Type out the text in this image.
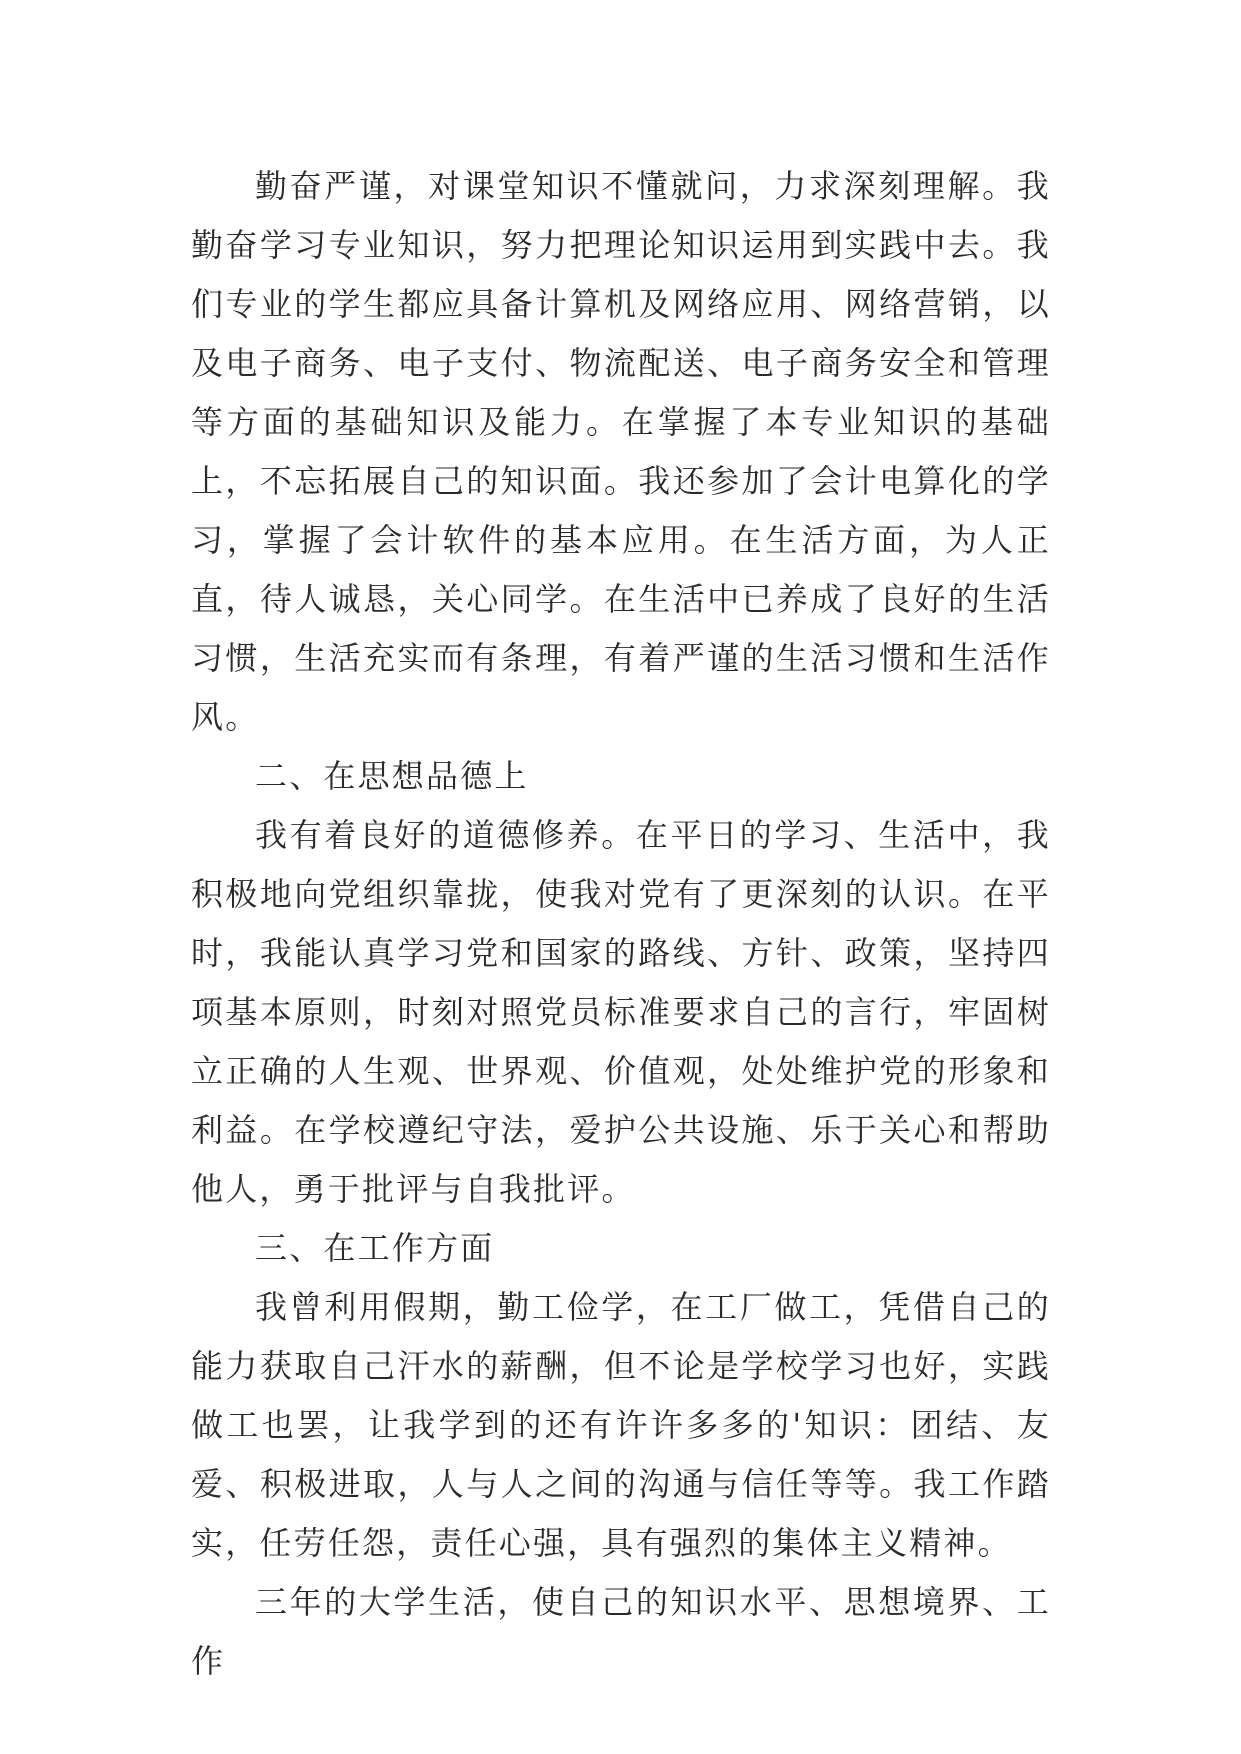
勤奋严谨，对课堂知识不懂就问，力求深刻理解。我勤奋学习专业知识，努力把理论知识运用到实践中去。我们专业的学生都应具备计算机及网络应用、网络营销，以及电子商务、电子支付、物流配送、电子商务安全和管理等方面的基础知识及能力。在掌握了本专业知识的基础上，不忘拓展自己的知识面。我还参加了会计电算化的学习，掌握了会计软件的基本应用。在生活方面，为人正直，待人诚恳，关心同学。在生活中已养成了良好的生活习惯，生活充实而有条理，有着严谨的生活习惯和生活作风。

二、在思想品德上

我有着良好的道德修养。在平日的学习、生活中，我积极地向党组织靠拢，使我对党有了更深刻的认识。在平时，我能认真学习党和国家的路线、方针、政策，坚持四项基本原则，时刻对照党员标准要求自己的言行，牢固树立正确的人生观、世界观、价值观，处处维护党的形象和利益。在学校遵纪守法，爱护公共设施、乐于关心和帮助他人，勇于批评与自我批评。

三、在工作方面

我曾利用假期，勤工俭学，在工厂做工，凭借自己的能力获取自己汗水的薪酬，但不论是学校学习也好，实践做工也罢，让我学到的还有许许多多的'知识：团结、友爱、积极进取，人与人之间的沟通与信任等等。我工作踏实，任劳任怨，责任心强，具有强烈的集体主义精神。

三年的大学生活，使自己的知识水平、思想境界、工作
